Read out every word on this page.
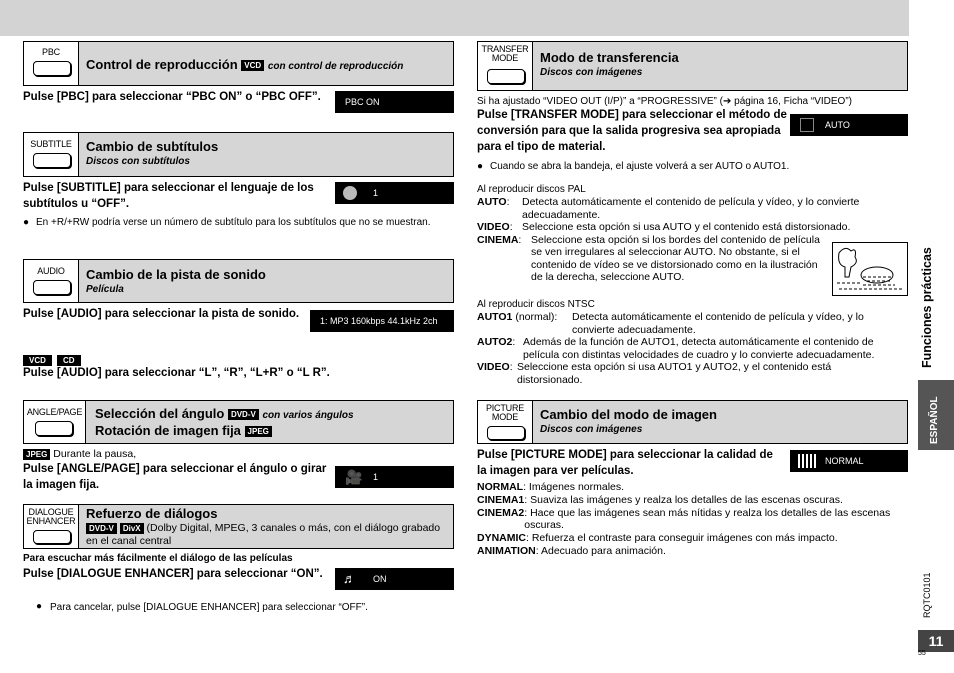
PBC
Control de reproducción VCD con control de reproducción
Pulse [PBC] para seleccionar “PBC ON” o “PBC OFF”.	PBC ON
SUBTITLE	Cambio de subtítulos
Discos con subtítulos
Pulse [SUBTITLE] para seleccionar el lenguaje de los subtítulos u “OFF”.
1
● En +R/+RW podría verse un número de subtítulo para los subtítulos que no se muestran.
AUDIO	Cambio de la pista de sonido
Película
Pulse [AUDIO] para seleccionar la pista de sonido.
1: MP3 160kbps 44.1kHz 2ch
VCD CD
Pulse [AUDIO] para seleccionar “L”, “R”, “L+R” o “L R”.
ANGLE/PAGE Selección del ángulo DVD-V con varios ángulos
Rotación de imagen fija JPEG
JPEG Durante la pausa,
Pulse [ANGLE/PAGE] para seleccionar el ángulo o girar la imagen fija.	🎥 1
DIALOGUE
ENHANCER Refuerzo de diálogos
DVD-V DivX (Dolby Digital, MPEG, 3 canales o más, con el diálogo grabado en el canal central
Para escuchar más fácilmente el diálogo de las películas
Pulse [DIALOGUE ENHANCER] para seleccionar “ON”.	♬ ON
● Para cancelar, pulse [DIALOGUE ENHANCER] para seleccionar “OFF”.
TRANSFER
MODE	Modo de transferencia
Discos con imágenes
Si ha ajustado “VIDEO OUT (I/P)” a “PROGRESSIVE” (➔ página 16, Ficha “VIDEO”)
Pulse [TRANSFER MODE] para seleccionar el método de conversión para que la salida progresiva sea apropiada para el tipo de material.
AUTO
● Cuando se abra la bandeja, el ajuste volverá a ser AUTO o AUTO1.
Al reproducir discos PAL
AUTO:	Detecta automáticamente el contenido de película y vídeo, y lo convierte adecuadamente.
VIDEO: Seleccione esta opción si usa AUTO y el contenido está distorsionado.
CINEMA: Seleccione esta opción si los bordes del contenido de película se ven irregulares al seleccionar AUTO. No obstante, si el contenido de vídeo se ve distorsionado como en la ilustración de la derecha, seleccione AUTO.
Al reproducir discos NTSC
AUTO1 (normal):	Detecta automáticamente el contenido de película y vídeo, y lo convierte adecuadamente.
AUTO2: Además de la función de AUTO1, detecta automáticamente el contenido de película con distintas velocidades de cuadro y lo convierte adecuadamente.
VIDEO: Seleccione esta opción si usa AUTO1 y AUTO2, y el contenido está distorsionado.
PICTURE
MODE	Cambio del modo de imagen
Discos con imágenes
Pulse [PICTURE MODE] para seleccionar la calidad de la imagen para ver películas.
NORMAL
NORMAL : Imágenes normales.
CINEMA1 : Suaviza las imágenes y realza los detalles de las escenas oscuras.
CINEMA2 : Hace que las imágenes sean más nítidas y realza los detalles de las escenas oscuras.
DYNAMIC : Refuerza el contraste para conseguir imágenes con más impacto.
ANIMATION : Adecuado para animación.
Funciones prácticas
ESPAÑOL
RQTC0101
11
55
